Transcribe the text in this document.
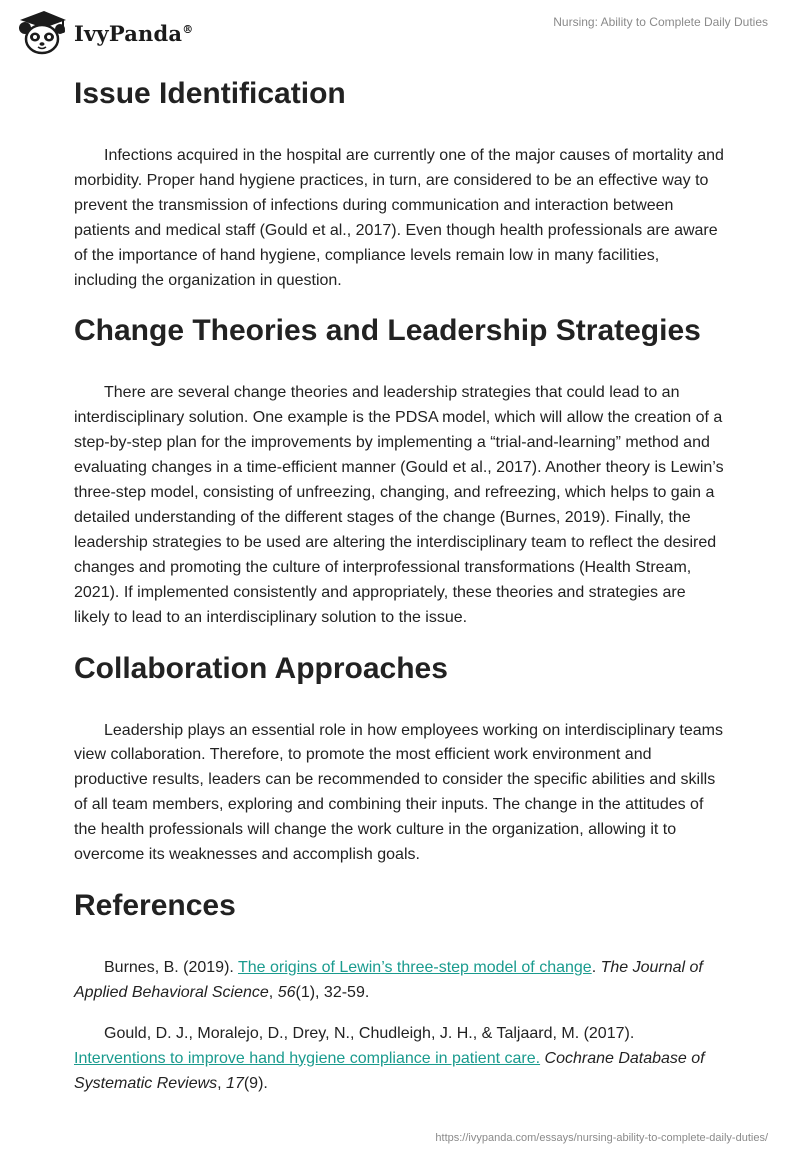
IvyPanda®	Nursing: Ability to Complete Daily Duties
Issue Identification

Infections acquired in the hospital are currently one of the major causes of mortality and morbidity. Proper hand hygiene practices, in turn, are considered to be an effective way to prevent the transmission of infections during communication and interaction between patients and medical staff (Gould et al., 2017). Even though health professionals are aware of the importance of hand hygiene, compliance levels remain low in many facilities, including the organization in question.

Change Theories and Leadership Strategies

There are several change theories and leadership strategies that could lead to an interdisciplinary solution. One example is the PDSA model, which will allow the creation of a step-by-step plan for the improvements by implementing a “trial-and-learning” method and evaluating changes in a time-efficient manner (Gould et al., 2017). Another theory is Lewin’s three-step model, consisting of unfreezing, changing, and refreezing, which helps to gain a detailed understanding of the different stages of the change (Burnes, 2019). Finally, the leadership strategies to be used are altering the interdisciplinary team to reflect the desired changes and promoting the culture of interprofessional transformations (Health Stream, 2021). If implemented consistently and appropriately, these theories and strategies are likely to lead to an interdisciplinary solution to the issue.

Collaboration Approaches

Leadership plays an essential role in how employees working on interdisciplinary teams view collaboration. Therefore, to promote the most efficient work environment and productive results, leaders can be recommended to consider the specific abilities and skills of all team members, exploring and combining their inputs. The change in the attitudes of the health professionals will change the work culture in the organization, allowing it to overcome its weaknesses and accomplish goals.

References

Burnes, B. (2019). The origins of Lewin’s three-step model of change. The Journal of Applied Behavioral Science, 56(1), 32-59.

Gould, D. J., Moralejo, D., Drey, N., Chudleigh, J. H., & Taljaard, M. (2017). Interventions to improve hand hygiene compliance in patient care. Cochrane Database of Systematic Reviews, 17(9).

https://ivypanda.com/essays/nursing-ability-to-complete-daily-duties/
